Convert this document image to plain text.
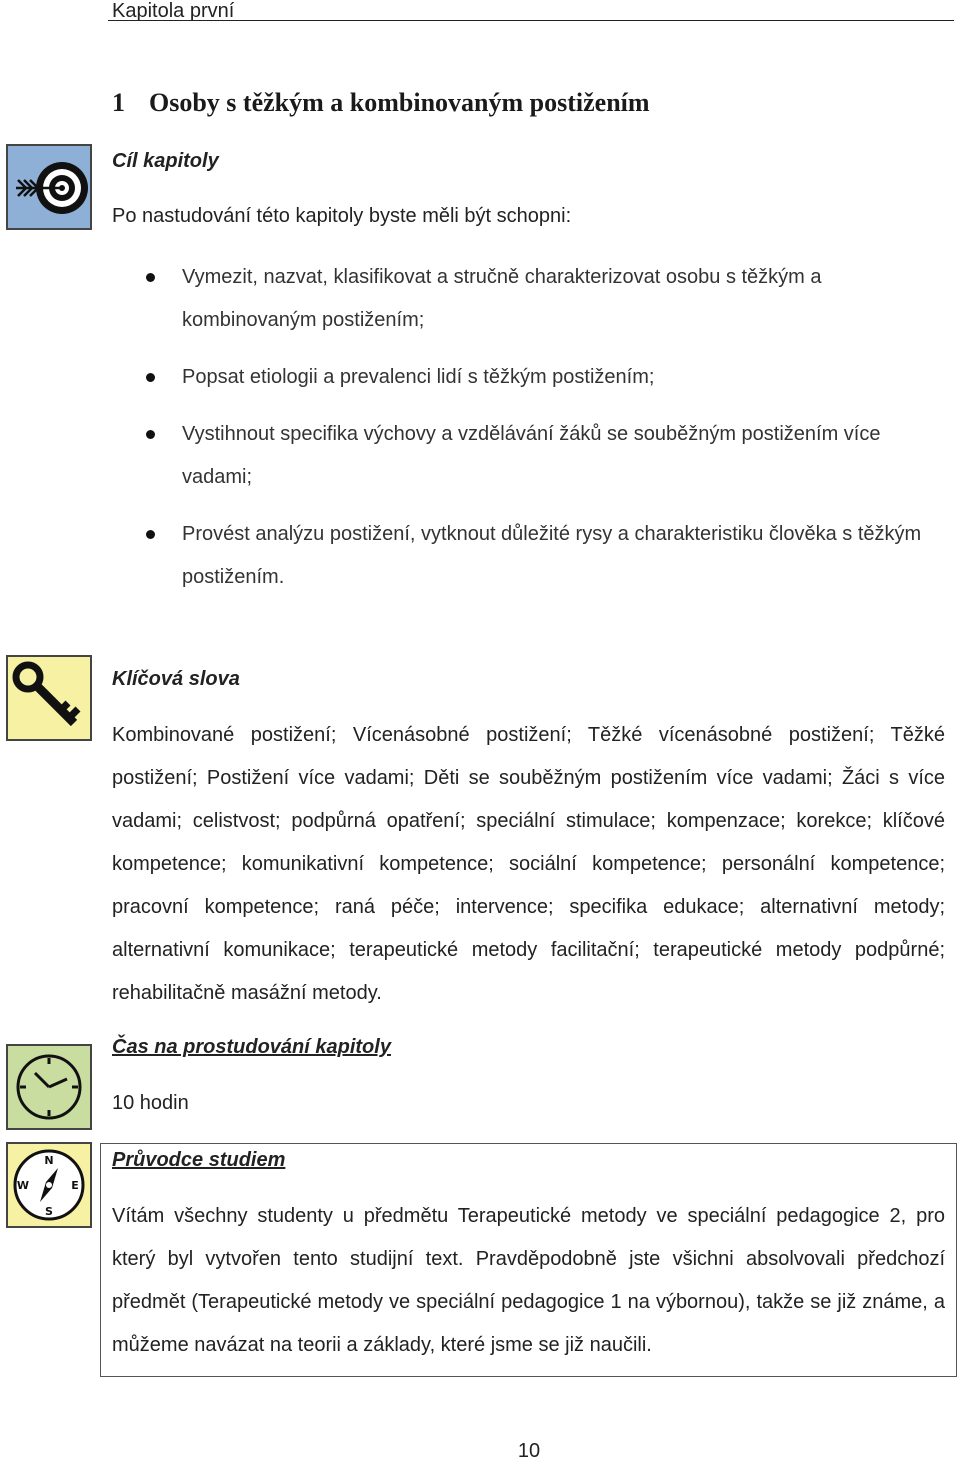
Kapitola první
1 Osoby s těžkým a kombinovaným postižením
Cíl kapitoly
Po nastudování této kapitoly byste měli být schopni:
Vymezit, nazvat, klasifikovat a stručně charakterizovat osobu s těžkým a kombinovaným postižením;
Popsat etiologii a prevalenci lidí s těžkým postižením;
Vystihnout specifika výchovy a vzdělávání žáků se souběžným postižením více vadami;
Provést analýzu postižení, vytknout důležité rysy a charakteristiku člověka s těžkým postižením.
Klíčová slova
Kombinované postižení; Vícenásobné postižení; Těžké vícenásobné postižení; Těžké postižení; Postižení více vadami; Děti se souběžným postižením více vadami; Žáci s více vadami; celistvost; podpůrná opatření; speciální stimulace; kompenzace; korekce; klíčové kompetence; komunikativní kompetence; sociální kompetence; personální kompetence; pracovní kompetence; raná péče; intervence; specifika edukace; alternativní metody; alternativní komunikace; terapeutické metody facilitační; terapeutické metody podpůrné; rehabilitačně masážní metody.
Čas na prostudování kapitoly
10 hodin
N
S
E
W
Průvodce studiem
Vítám všechny studenty u předmětu Terapeutické metody ve speciální pedagogice 2, pro který byl vytvořen tento studijní text. Pravděpodobně jste všichni absolvovali předchozí předmět (Terapeutické metody ve speciální pedagogice 1 na výbornou), takže se již známe, a můžeme navázat na teorii a základy, které jsme se již naučili.
10
